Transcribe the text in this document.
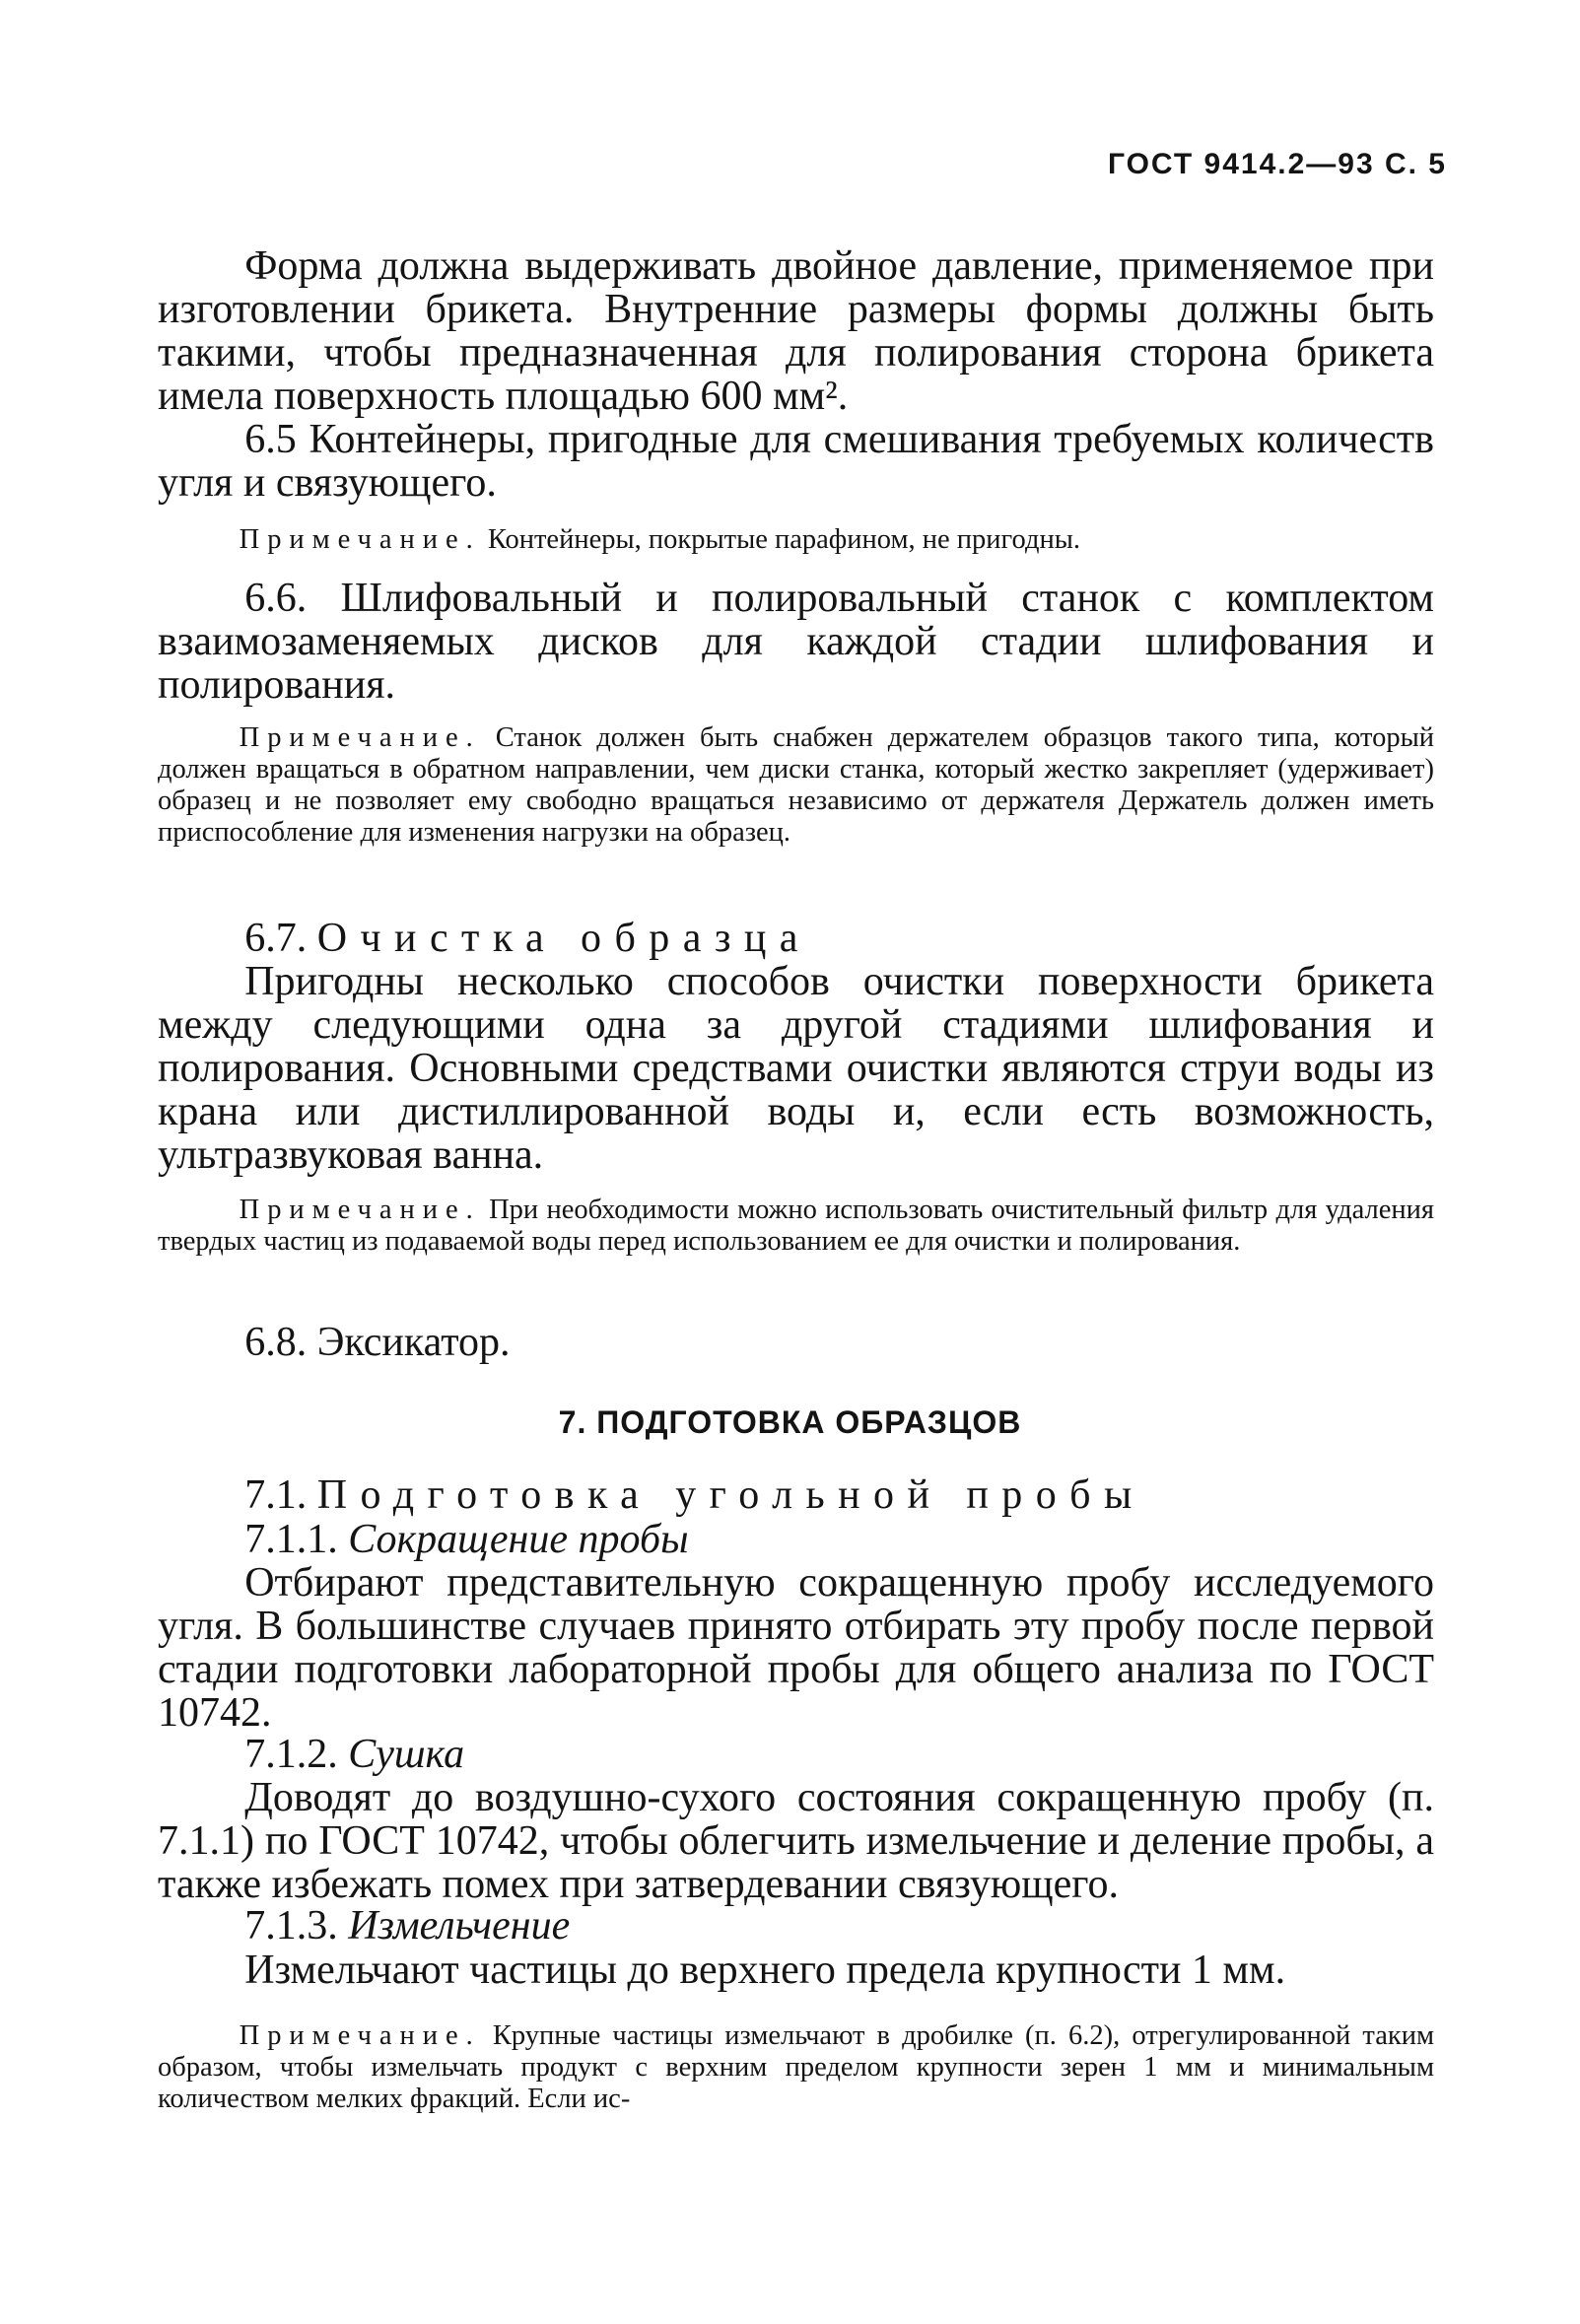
ГОСТ 9414.2—93 С. 5

Форма должна выдерживать двойное давление, применяемое при изготовлении брикета. Внутренние размеры формы должны быть такими, чтобы предназначенная для полирования сторона брикета имела поверхность площадью 600 мм².

6.5 Контейнеры, пригодные для смешивания требуемых количеств угля и связующего.

Примечание. Контейнеры, покрытые парафином, не пригодны.

6.6. Шлифовальный и полировальный станок с комплектом взаимозаменяемых дисков для каждой стадии шлифования и полирования.

Примечание. Станок должен быть снабжен держателем образцов такого типа, который должен вращаться в обратном направлении, чем диски станка, который жестко закрепляет (удерживает) образец и не позволяет ему свободно вращаться независимо от держателя Держатель должен иметь приспособление для изменения нагрузки на образец.

6.7. Очистка образца

Пригодны несколько способов очистки поверхности брикета между следующими одна за другой стадиями шлифования и полирования. Основными средствами очистки являются струи воды из крана или дистиллированной воды и, если есть возможность, ультразвуковая ванна.

Примечание. При необходимости можно использовать очистительный фильтр для удаления твердых частиц из подаваемой воды перед использованием ее для очистки и полирования.

6.8. Эксикатор.

7. ПОДГОТОВКА ОБРАЗЦОВ

7.1. Подготовка угольной пробы

7.1.1. Сокращение пробы

Отбирают представительную сокращенную пробу исследуемого угля. В большинстве случаев принято отбирать эту пробу после первой стадии подготовки лабораторной пробы для общего анализа по ГОСТ 10742.

7.1.2. Сушка

Доводят до воздушно-сухого состояния сокращенную пробу (п. 7.1.1) по ГОСТ 10742, чтобы облегчить измельчение и деление пробы, а также избежать помех при затвердевании связующего.

7.1.3. Измельчение

Измельчают частицы до верхнего предела крупности 1 мм.

Примечание. Крупные частицы измельчают в дробилке (п. 6.2), отрегулированной таким образом, чтобы измельчать продукт с верхним пределом крупности зерен 1 мм и минимальным количеством мелких фракций. Если ис-
